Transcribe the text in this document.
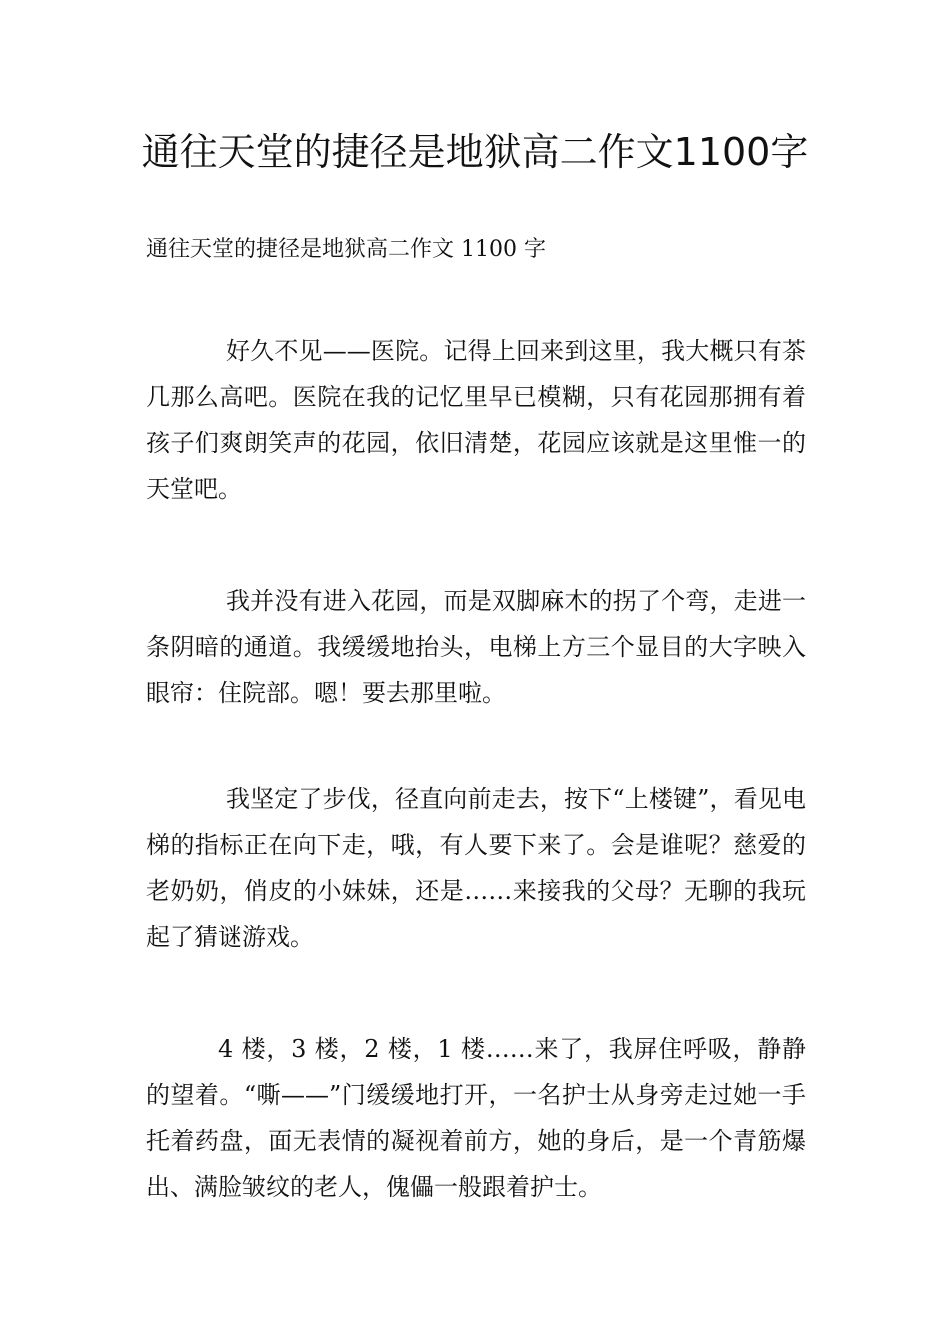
通往天堂的捷径是地狱高二作文1100字

通往天堂的捷径是地狱高二作文 1100 字

好久不见——医院。记得上回来到这里，我大概只有茶几那么高吧。医院在我的记忆里早已模糊，只有花园那拥有着孩子们爽朗笑声的花园，依旧清楚，花园应该就是这里惟一的天堂吧。

我并没有进入花园，而是双脚麻木的拐了个弯，走进一条阴暗的通道。我缓缓地抬头，电梯上方三个显目的大字映入眼帘：住院部。嗯！要去那里啦。

我坚定了步伐，径直向前走去，按下“上楼键”，看见电梯的指标正在向下走，哦，有人要下来了。会是谁呢？慈爱的老奶奶，俏皮的小妹妹，还是……来接我的父母？无聊的我玩起了猜谜游戏。

4 楼，3 楼，2 楼，1 楼……来了，我屏住呼吸，静静的望着。“嘶——”门缓缓地打开，一名护士从身旁走过她一手托着药盘，面无表情的凝视着前方，她的身后，是一个青筋爆出、满脸皱纹的老人，傀儡一般跟着护士。
